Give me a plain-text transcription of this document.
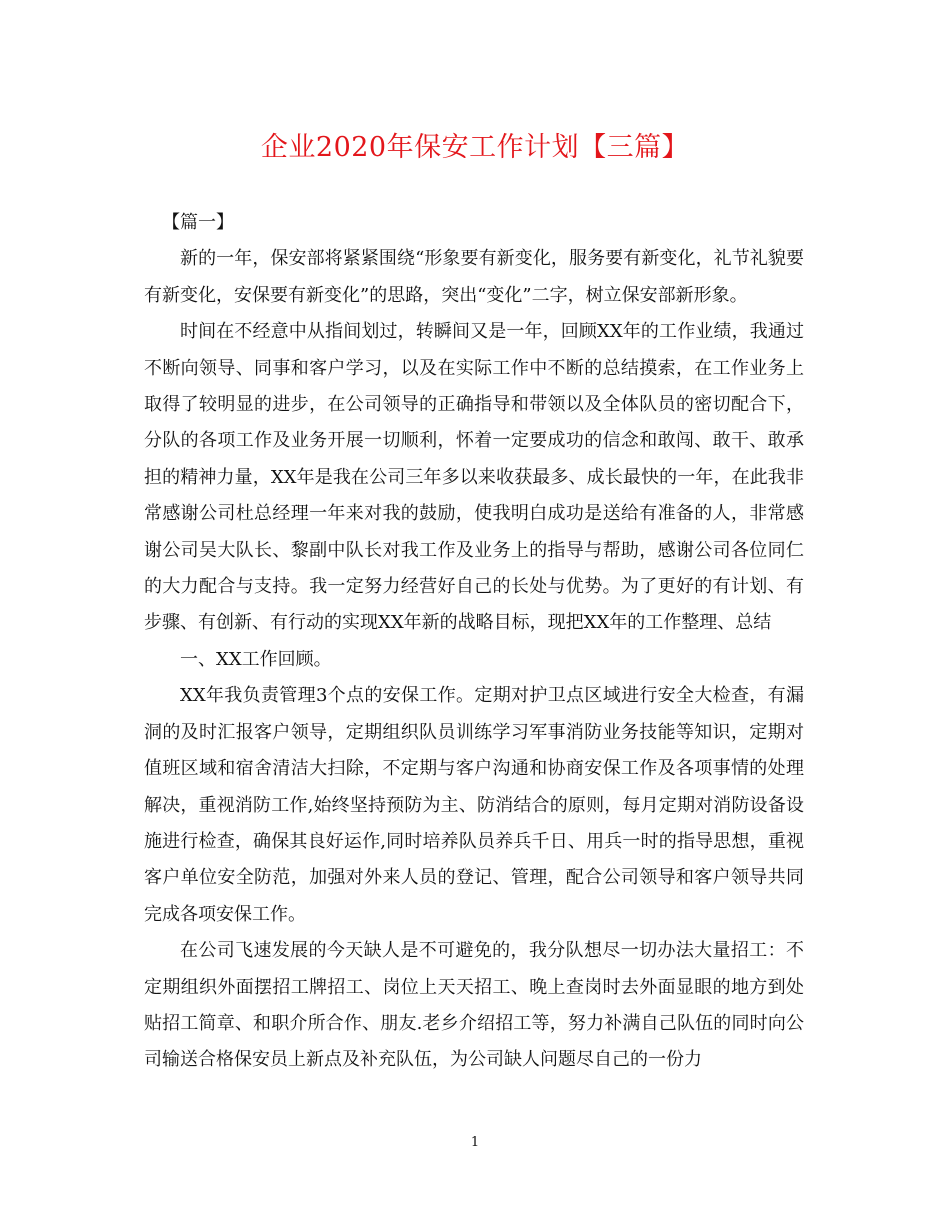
企业2020年保安工作计划【三篇】

【篇一】

新的一年，保安部将紧紧围绕“形象要有新变化，服务要有新变化，礼节礼貌要有新变化，安保要有新变化”的思路，突出“变化”二字，树立保安部新形象。

时间在不经意中从指间划过，转瞬间又是一年，回顾XX年的工作业绩，我通过不断向领导、同事和客户学习，以及在实际工作中不断的总结摸索，在工作业务上取得了较明显的进步，在公司领导的正确指导和带领以及全体队员的密切配合下，分队的各项工作及业务开展一切顺利，怀着一定要成功的信念和敢闯、敢干、敢承担的精神力量，XX年是我在公司三年多以来收获最多、成长最快的一年，在此我非常感谢公司杜总经理一年来对我的鼓励，使我明白成功是送给有准备的人，非常感谢公司吴大队长、黎副中队长对我工作及业务上的指导与帮助，感谢公司各位同仁的大力配合与支持。我一定努力经营好自己的长处与优势。为了更好的有计划、有步骤、有创新、有行动的实现XX年新的战略目标，现把XX年的工作整理、总结

一、XX工作回顾。

XX年我负责管理3个点的安保工作。定期对护卫点区域进行安全大检查，有漏洞的及时汇报客户领导，定期组织队员训练学习军事消防业务技能等知识，定期对值班区域和宿舍清洁大扫除，不定期与客户沟通和协商安保工作及各项事情的处理解决，重视消防工作,始终坚持预防为主、防消结合的原则，每月定期对消防设备设施进行检查，确保其良好运作,同时培养队员养兵千日、用兵一时的指导思想，重视客户单位安全防范，加强对外来人员的登记、管理，配合公司领导和客户领导共同完成各项安保工作。

在公司飞速发展的今天缺人是不可避免的，我分队想尽一切办法大量招工：不定期组织外面摆招工牌招工、岗位上天天招工、晚上查岗时去外面显眼的地方到处贴招工简章、和职介所合作、朋友.老乡介绍招工等，努力补满自己队伍的同时向公司输送合格保安员上新点及补充队伍，为公司缺人问题尽自己的一份力

1
